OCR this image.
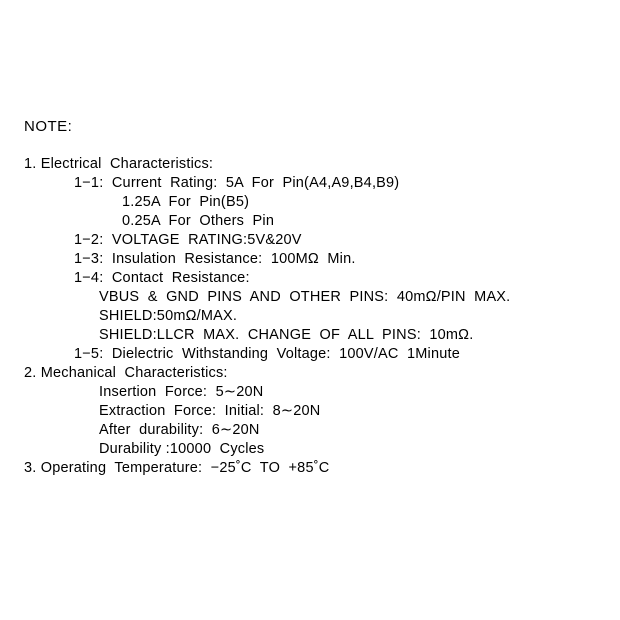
NOTE:
1. Electrical  Characteristics:
1−1:  Current  Rating:  5A  For  Pin(A4,A9,B4,B9)
1.25A  For  Pin(B5)
0.25A  For  Others  Pin
1−2:  VOLTAGE  RATING:5V&20V
1−3:  Insulation  Resistance:  100MΩ  Min.
1−4:  Contact  Resistance:
VBUS  &  GND  PINS  AND  OTHER  PINS:  40mΩ/PIN  MAX.
SHIELD:50mΩ/MAX.
SHIELD:LLCR  MAX.  CHANGE  OF  ALL  PINS:  10mΩ.
1−5:  Dielectric  Withstanding  Voltage:  100V/AC  1Minute
2. Mechanical  Characteristics:
Insertion  Force:  5∼20N
Extraction  Force:  Initial:  8∼20N
After  durability:  6∼20N
Durability :10000  Cycles
3. Operating  Temperature:  −25˚C  TO  +85˚C
